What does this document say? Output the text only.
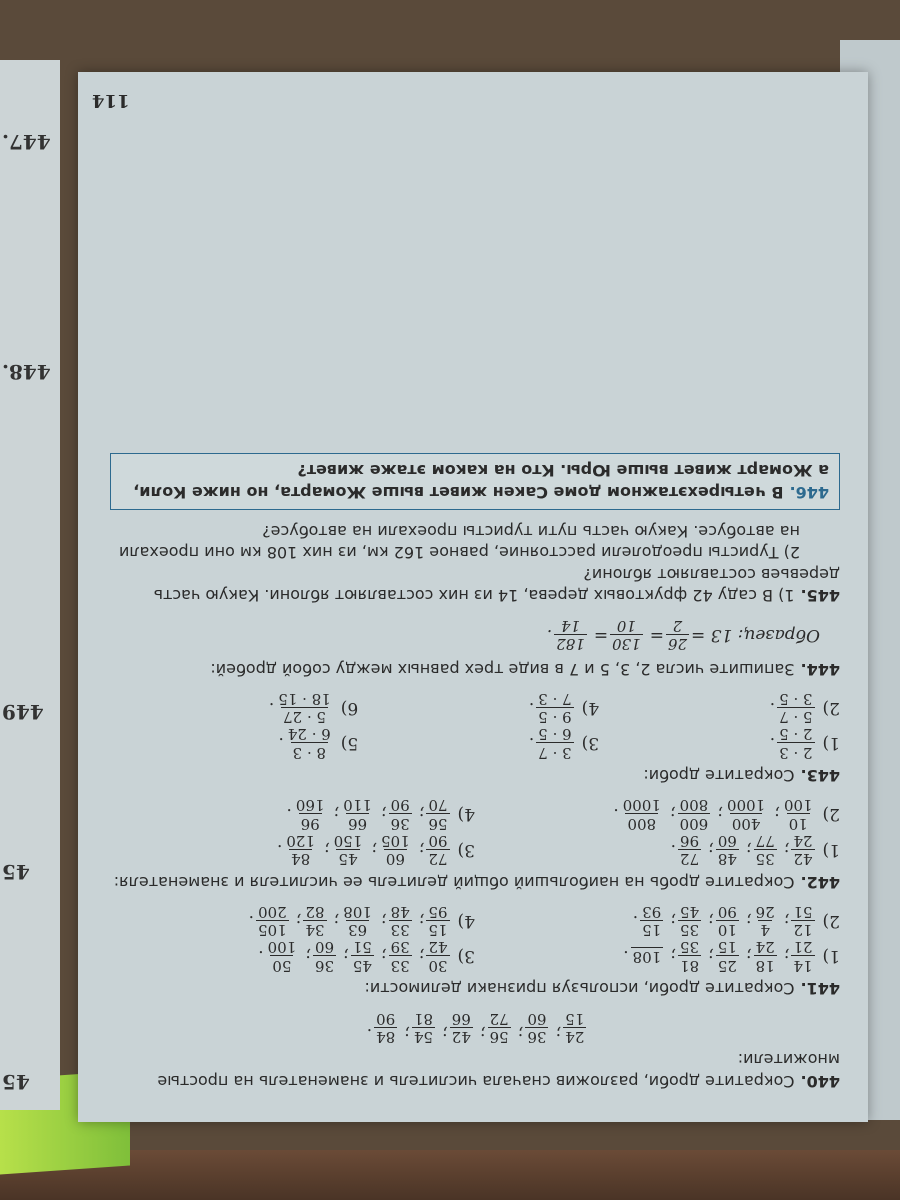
447.
448.
449
45
45	440.Сократите дроби, разложив сначала числитель и знаменатель на простые множители:
24
15
;
36
60
;
56
72
;
42
66
;
54
81
;
84
90
.
441.Сократите дроби, используя признаки делимости:
1)
14
21
;
18
24
;
25
15
;
81
35
;
108
.
3)
30
42
;
33
39
;
45
51
;
36
60
;
50
100
.
2)
12
51
;
4
26
;
10
90
;
35
45
;
15
93
.
4)
15
95
;
33
48
;
63
108
;
34
82
;
105
200
.
442.Сократите дробь на наибольший общий делитель ее числителя и знаменателя:
1)
42
24
;
35
77
;
48
60
;
72
96
.
3)
72
90
;
60
105
;
45
150
;
84
120
.
2)
10
100
;
400
1000
;
600
800
;
800
1000
.
4)
56
70
;
36
90
;
66
110
;
96
160
.
443.Сократите дроби:
1)
2 · 3
2 · 5
.
3)
3 · 7
6 · 5
.
5)
8 · 3
6 · 24
.
2)
5 · 7
3 · 5
.
4)
9 · 5
7 · 3
.
6)
5 · 27
18 · 15
.
444.Запишите числа 2, 3, 5 и 7 в виде трех равных между собой дробей:
Образец: 13 =
26
2
=
130
10
=
182
14
.
445.1) В саду 42 фруктовых дерева, 14 из них составляют яблони. Какую часть деревьев составляют яблони?
2) Туристы преодолели расстояние, равное 162 км, из них 108 км они проехали на автобусе. Какую часть пути туристы проехали на автобусе?
446.В четырехэтажном доме Сакен живет выше Жомарта, но ниже Коли, а Жомарт живет выше Юры. Кто на каком этаже живет?
114
